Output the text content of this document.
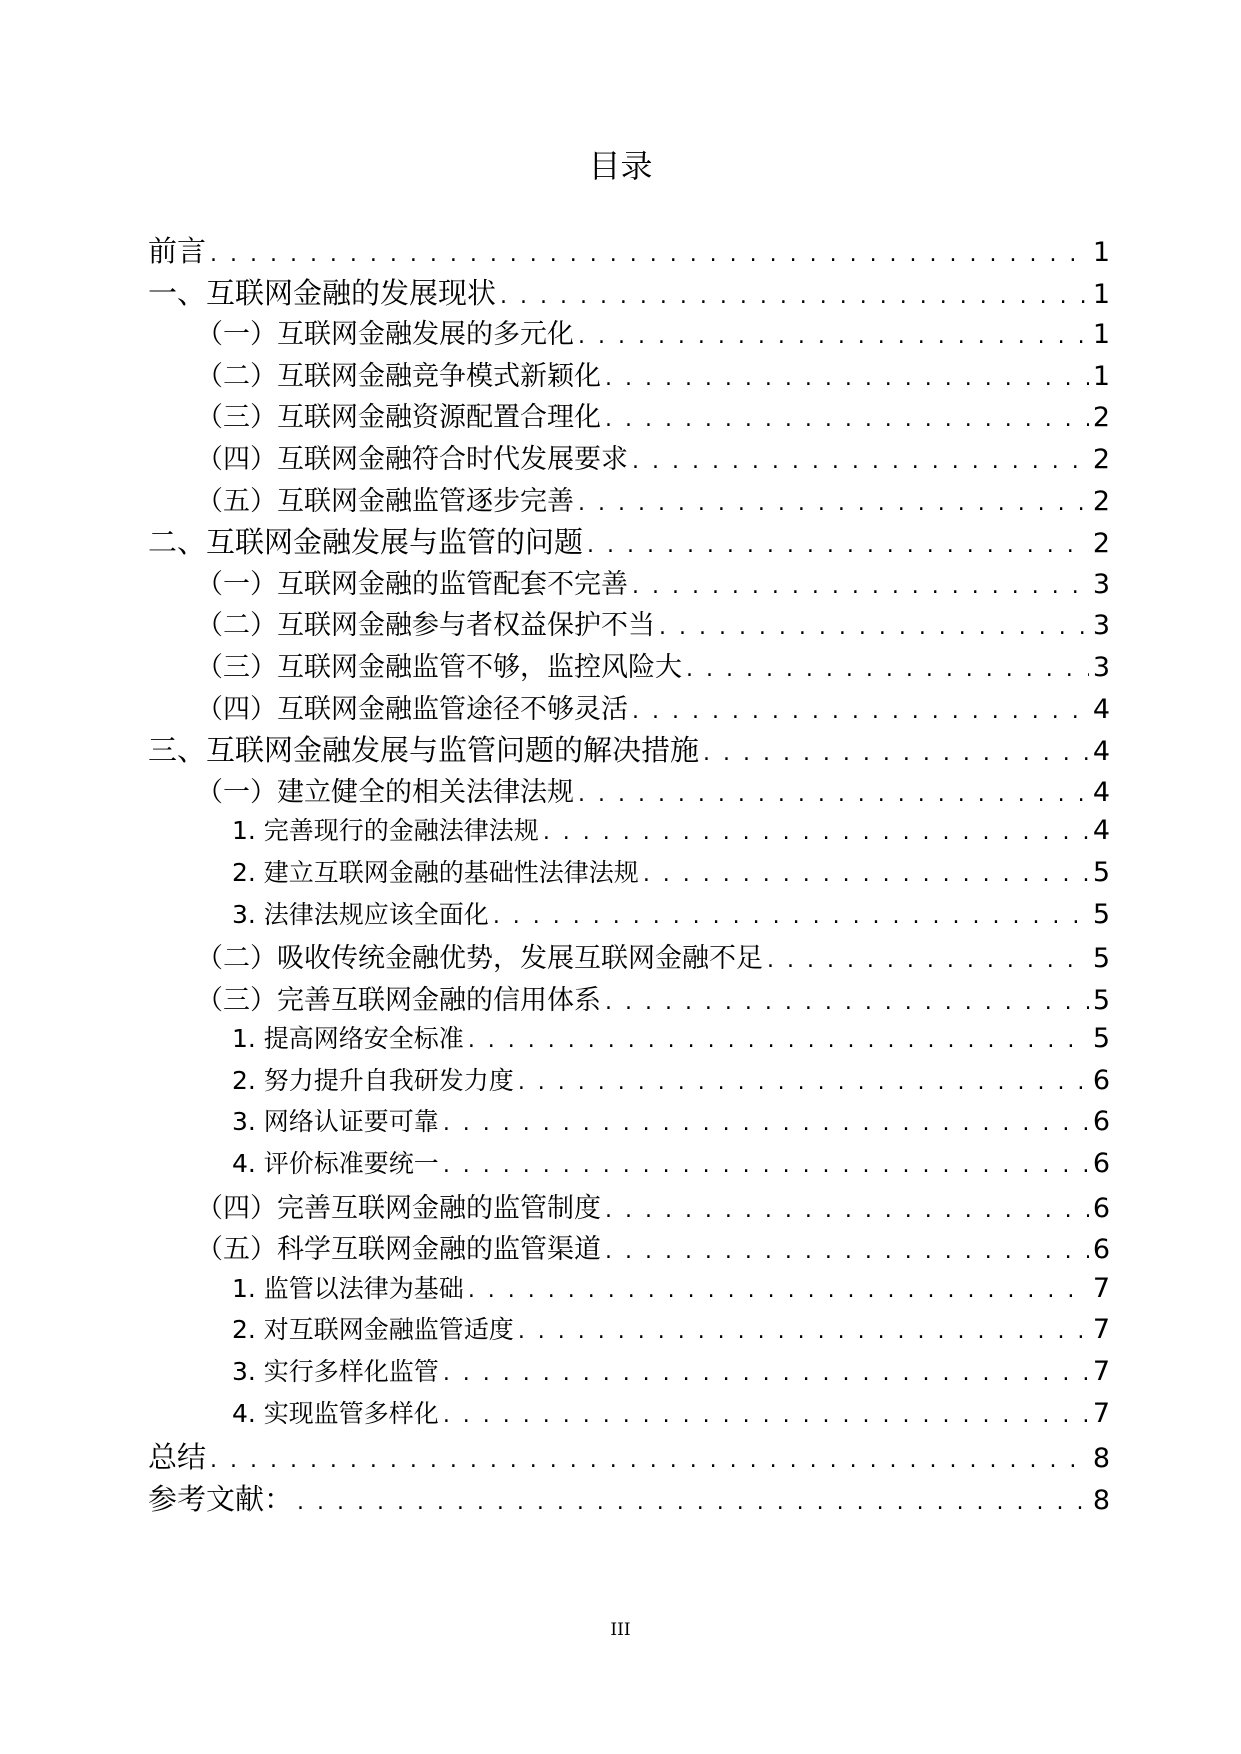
目录
前言 . . .	1
一、互联网金融的发展现状 . . .	1
（一）互联网金融发展的多元化 . . .	1
（二）互联网金融竞争模式新颖化 . . .	1
（三）互联网金融资源配置合理化 . . .	2
（四）互联网金融符合时代发展要求 . . .	2
（五）互联网金融监管逐步完善 . . .	2
二、互联网金融发展与监管的问题 . . .	2
（一）互联网金融的监管配套不完善 . . .	3
（二）互联网金融参与者权益保护不当 . . .	3
（三）互联网金融监管不够，监控风险大 . . .	3
（四）互联网金融监管途径不够灵活 . . .	4
三、互联网金融发展与监管问题的解决措施 . . .	4
（一）建立健全的相关法律法规 . . .	4
1. 完善现行的金融法律法规 . . .	4
2. 建立互联网金融的基础性法律法规 . . .	5
3. 法律法规应该全面化 . . .	5
（二）吸收传统金融优势，发展互联网金融不足 . . .	5
（三）完善互联网金融的信用体系 . . .	5
1. 提高网络安全标准 . . .	5
2. 努力提升自我研发力度 . . .	6
3. 网络认证要可靠 . . .	6
4. 评价标准要统一 . . .	6
（四）完善互联网金融的监管制度 . . .	6
（五）科学互联网金融的监管渠道 . . .	6
1. 监管以法律为基础 . . .	7
2. 对互联网金融监管适度 . . .	7
3. 实行多样化监管 . . .	7
4. 实现监管多样化 . . .	7
总结 . . .	8
参考文献： . . .	8
III
